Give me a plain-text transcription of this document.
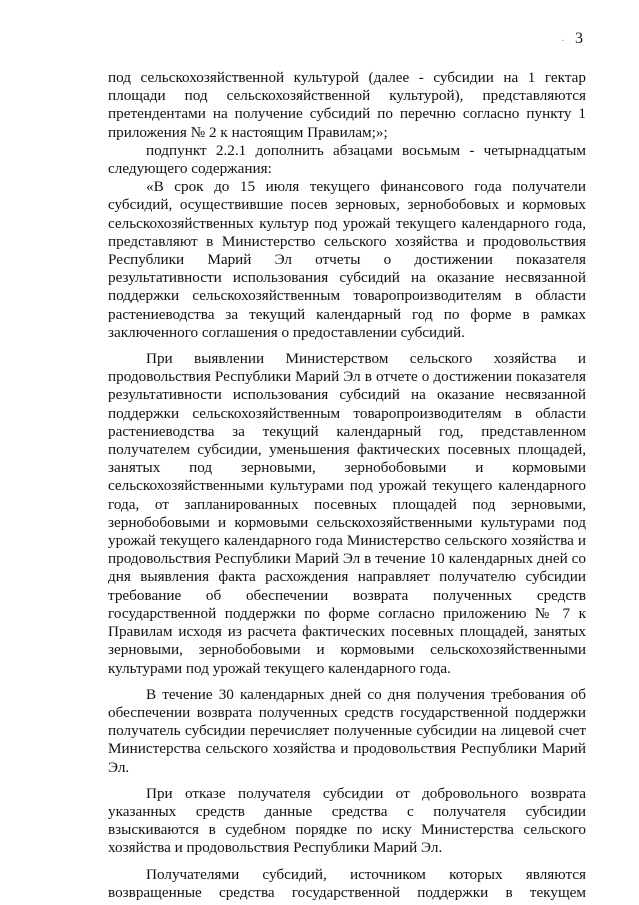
. 3

под сельскохозяйственной культурой (далее - субсидии на 1 гектар площади под сельскохозяйственной культурой), представляются претендентами на получение субсидий по перечню согласно пункту 1 приложения № 2 к настоящим Правилам;»;

подпункт 2.2.1 дополнить абзацами восьмым - четырнадцатым следующего содержания:

«В срок до 15 июля текущего финансового года получатели субсидий, осуществившие посев зерновых, зернобобовых и кормовых сельскохозяйственных культур под урожай текущего календарного года, представляют в Министерство сельского хозяйства и продовольствия Республики Марий Эл отчеты о достижении показателя результативности использования субсидий на оказание несвязанной поддержки сельскохозяйственным товаропроизводителям в области растениеводства за текущий календарный год по форме в рамках заключенного соглашения о предоставлении субсидий.

При выявлении Министерством сельского хозяйства и продовольствия Республики Марий Эл в отчете о достижении показателя результативности использования субсидий на оказание несвязанной поддержки сельскохозяйственным товаропроизводителям в области растениеводства за текущий календарный год, представленном получателем субсидии, уменьшения фактических посевных площадей, занятых под зерновыми, зернобобовыми и кормовыми сельскохозяйственными культурами под урожай текущего календарного года, от запланированных посевных площадей под зерновыми, зернобобовыми и кормовыми сельскохозяйственными культурами под урожай текущего календарного года Министерство сельского хозяйства и продовольствия Республики Марий Эл в течение 10 календарных дней со дня выявления факта расхождения направляет получателю субсидии требование об обеспечении возврата полученных средств государственной поддержки по форме согласно приложению № 7 к Правилам исходя из расчета фактических посевных площадей, занятых зерновыми, зернобобовыми и кормовыми сельскохозяйственными культурами под урожай текущего календарного года.

В течение 30 календарных дней со дня получения требования об обеспечении возврата полученных средств государственной поддержки получатель субсидии перечисляет полученные субсидии на лицевой счет Министерства сельского хозяйства и продовольствия Республики Марий Эл.

При отказе получателя субсидии от добровольного возврата указанных средств данные средства с получателя субсидии взыскиваются в судебном порядке по иску Министерства сельского хозяйства и продовольствия Республики Марий Эл.

Получателями субсидий, источником которых являются возвращенные средства государственной поддержки в текущем
